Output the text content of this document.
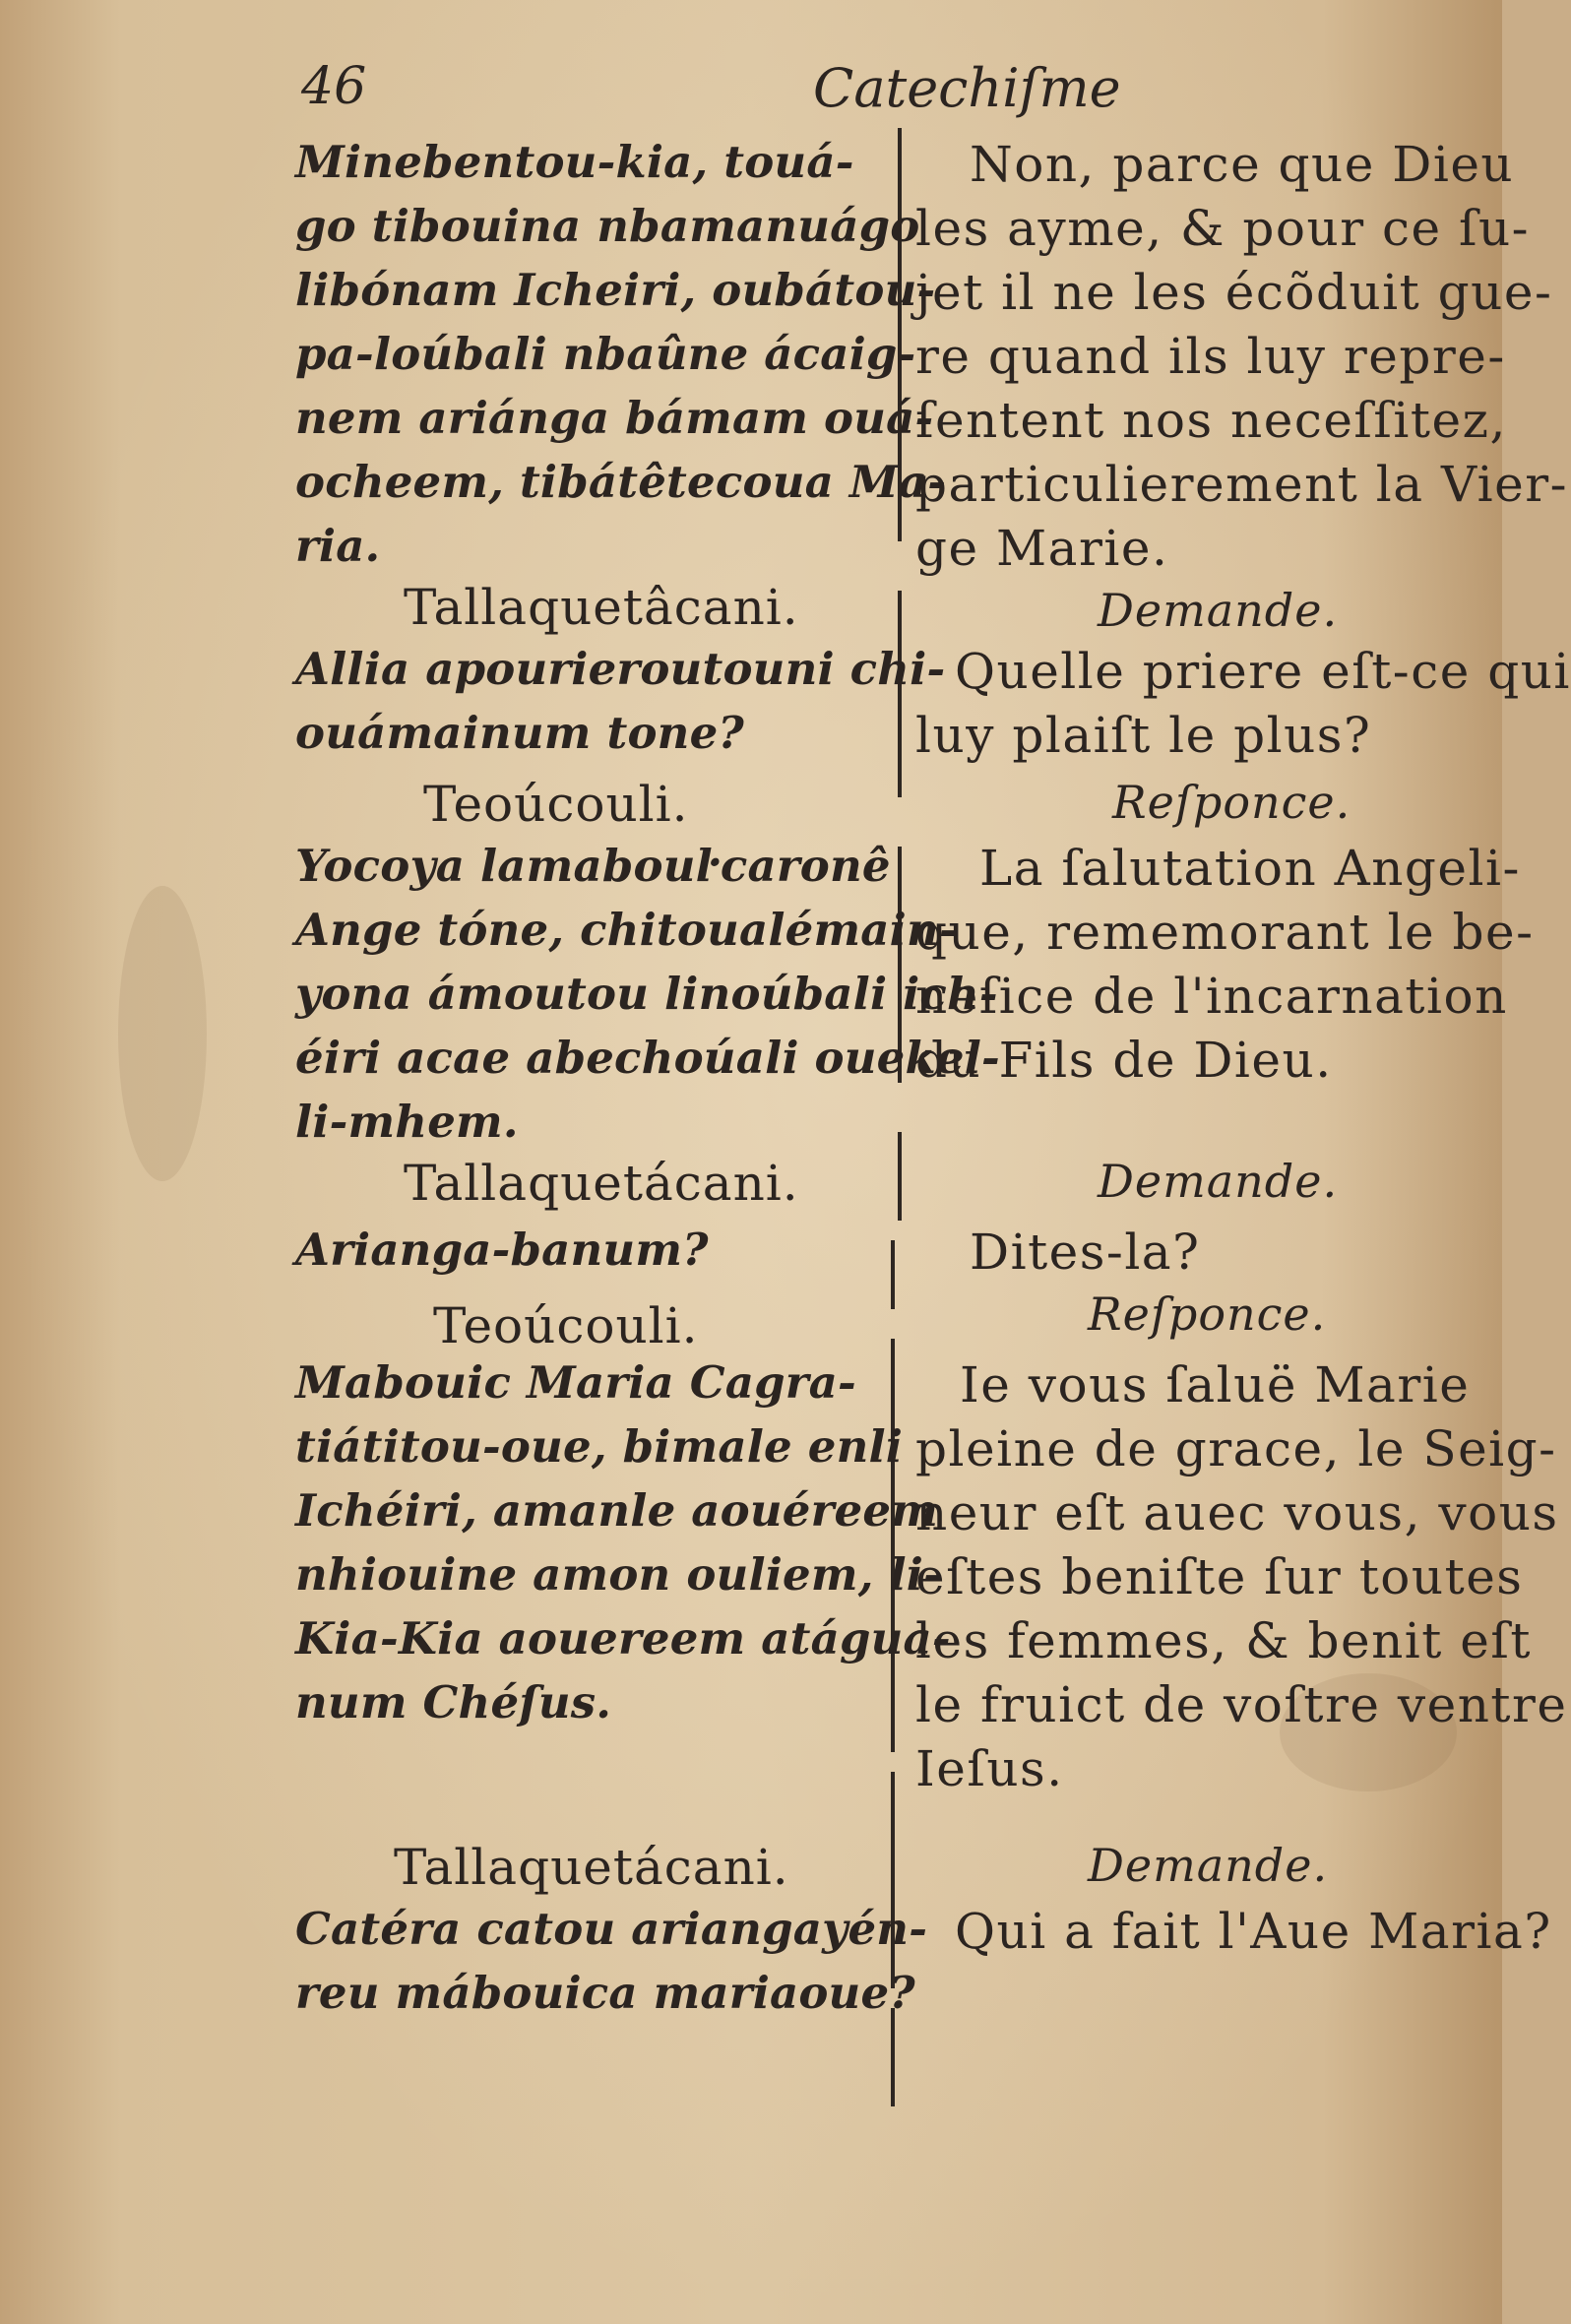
46	Catechiſme
Minebentou-kia, touá-
go tibouina nbamanuágo
libónam Icheiri, oubátou-
pa-loúbali nbaûne ácaig-
nem ariánga bámam ouá-
ocheem, tibátêtecoua Ma-
ria.
Tallaquetâcani.
Allia apourieroutouni chi-
ouámainum tone?
Teoúcouli.
Yocoya lamabouŀcaronê
Ange tóne, chitoualémain-
yona ámoutou linoúbali ich-
éiri acae abechoúali ouekel-
li-mhem.
Tallaquetácani.
Arianga-banum?
Teoúcouli.
Mabouic Maria Cagra-
tiátitou-oue, bimale enli
Ichéiri, amanle aouéreem
nhiouine amon ouliem, li-
Kia-Kia aouereem atágua-
num Chéſus.
Tallaquetácani.
Catéra catou ariangayén-
reu mábouica mariaoue?
Non, parce que Dieu
les ayme, & pour ce ſu-
jet il ne les écõduit gue-
re quand ils luy repre-
ſentent nos neceſſitez,
particulierement la Vier-
ge Marie.
Demande.
Quelle priere eſt-ce qui
luy plaiſt le plus?
Reſponce.
La ſalutation Angeli-
que, rememorant le be-
neſice de l'incarnation
du Fils de Dieu.
Demande.
Dites-la?
Reſponce.
Ie vous ſaluë Marie
pleine de grace, le Seig-
neur eſt auec vous, vous
eſtes beniſte ſur toutes
les femmes, & benit eſt
le fruict de voſtre ventre
Ieſus.
Demande.
Qui a fait l'Aue Maria?
